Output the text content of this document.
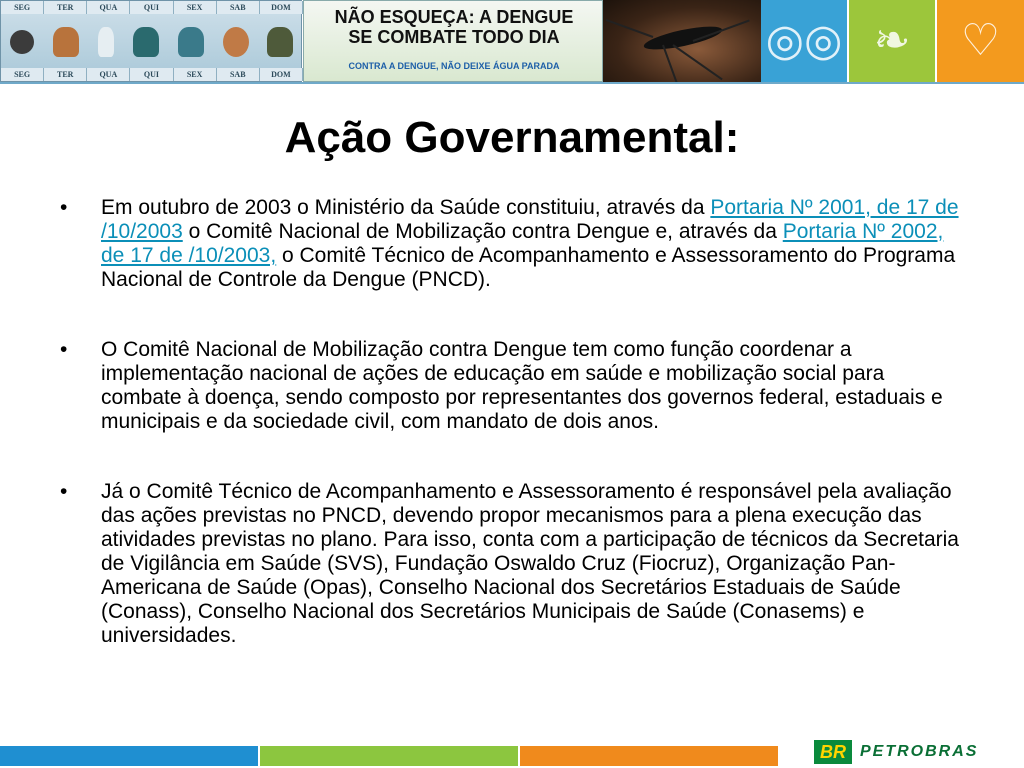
SEG	TER	QUA	QUI	SEX	SAB	DOM
SEG	TER	QUA	QUI	SEX	SAB	DOM
NÃO ESQUEÇA: A DENGUE
SE COMBATE TODO DIA
CONTRA A DENGUE, NÃO DEIXE ÁGUA PARADA
◎◎ ❧ ♡
Ação Governamental:
• Em outubro de 2003 o Ministério da Saúde constituiu, através da Portaria Nº 2001, de 17 de /10/2003 o Comitê Nacional de Mobilização contra Dengue e, através da Portaria Nº 2002, de 17 de /10/2003, o Comitê Técnico de Acompanhamento e Assessoramento do Programa Nacional de Controle da Dengue (PNCD).
• O Comitê Nacional de Mobilização contra Dengue tem como função coordenar a implementação nacional de ações de educação em saúde e mobilização social para combate à doença, sendo composto por representantes dos governos federal, estaduais e municipais e da sociedade civil, com mandato de dois anos.
• Já o Comitê Técnico de Acompanhamento e Assessoramento é responsável pela avaliação das ações previstas no PNCD, devendo propor mecanismos para a plena execução das atividades previstas no plano. Para isso, conta com a participação de técnicos da Secretaria de Vigilância em Saúde (SVS), Fundação Oswaldo Cruz (Fiocruz), Organização Pan-Americana de Saúde (Opas), Conselho Nacional dos Secretários Estaduais de Saúde (Conass), Conselho Nacional dos Secretários Municipais de Saúde (Conasems) e universidades.
BR PETROBRAS
